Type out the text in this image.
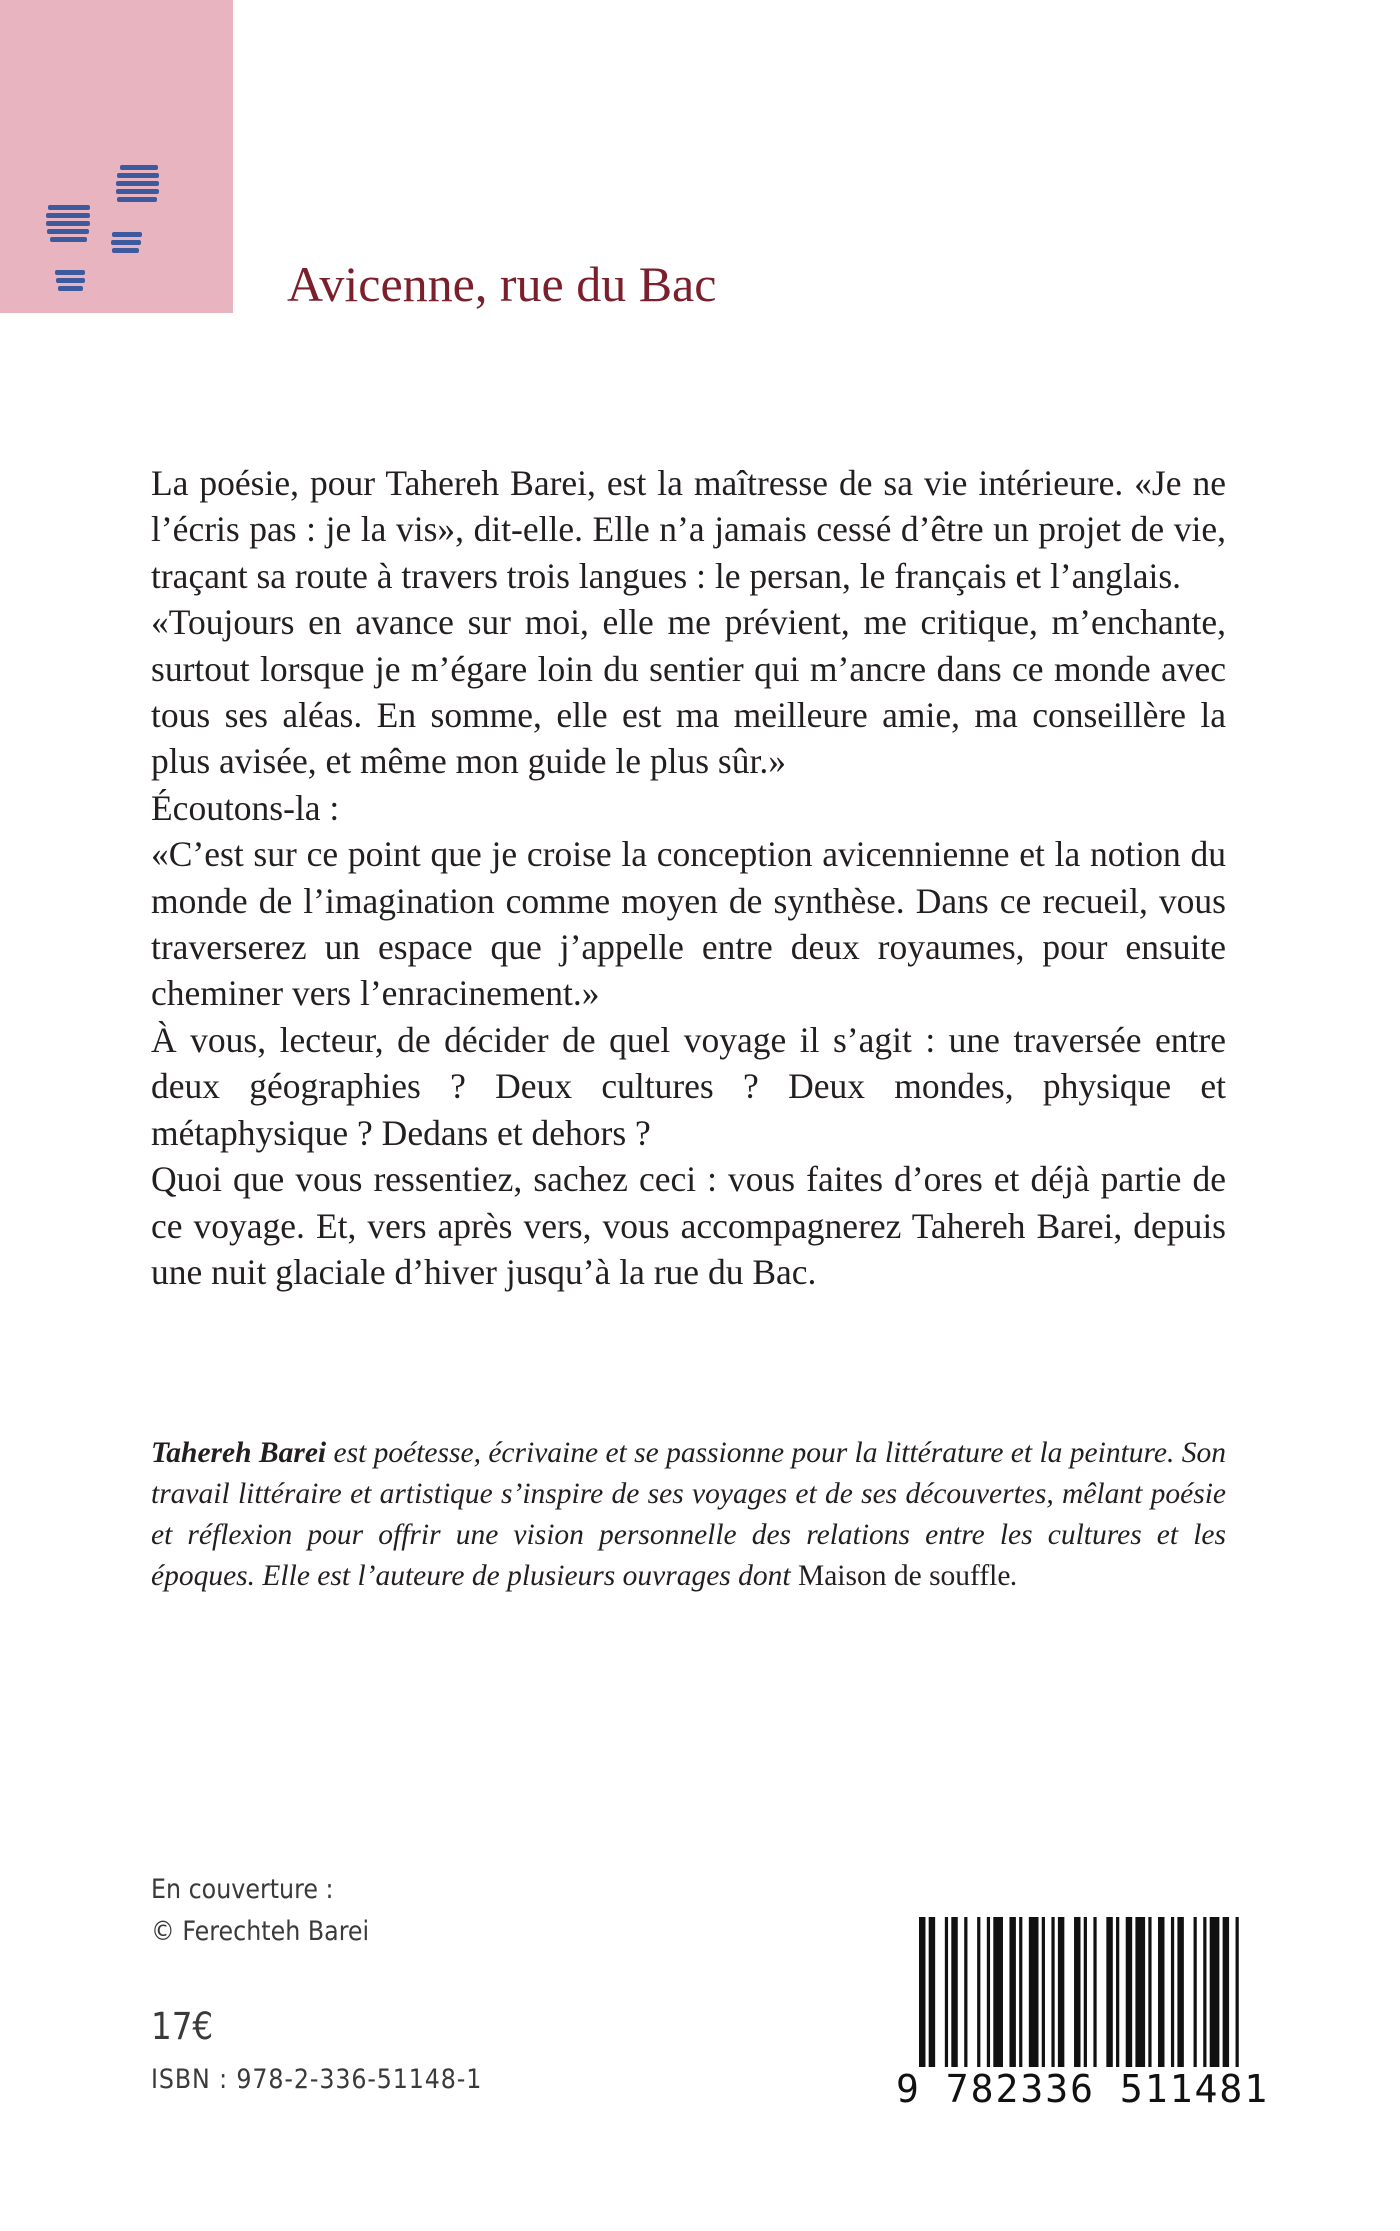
Avicenne, rue du Bac

La poésie, pour Tahereh Barei, est la maîtresse de sa vie intérieure. «Je ne l’écris pas : je la vis», dit-elle. Elle n’a jamais cessé d’être un projet de vie, traçant sa route à travers trois langues : le persan, le français et l’anglais.

«Toujours en avance sur moi, elle me prévient, me critique, m’enchante, surtout lorsque je m’égare loin du sentier qui m’ancre dans ce monde avec tous ses aléas. En somme, elle est ma meilleure amie, ma conseillère la plus avisée, et même mon guide le plus sûr.»

Écoutons-la :

«C’est sur ce point que je croise la conception avicennienne et la notion du monde de l’imagination comme moyen de synthèse. Dans ce recueil, vous traverserez un espace que j’appelle entre deux royaumes, pour ensuite cheminer vers l’enracinement.»

À vous, lecteur, de décider de quel voyage il s’agit : une traversée entre deux géographies ? Deux cultures ? Deux mondes, physique et métaphysique ? Dedans et dehors ?

Quoi que vous ressentiez, sachez ceci : vous faites d’ores et déjà partie de ce voyage. Et, vers après vers, vous accompagnerez Tahereh Barei, depuis une nuit glaciale d’hiver jusqu’à la rue du Bac.

Tahereh Barei est poétesse, écrivaine et se passionne pour la littérature et la peinture. Son travail littéraire et artistique s’inspire de ses voyages et de ses découvertes, mêlant poésie et réflexion pour offrir une vision personnelle des relations entre les cultures et les époques. Elle est l’auteure de plusieurs ouvrages dont Maison de souffle.
En couverture :
© Ferechteh Barei
17€
ISBN : 978-2-336-51148-1	9 782336 511481
